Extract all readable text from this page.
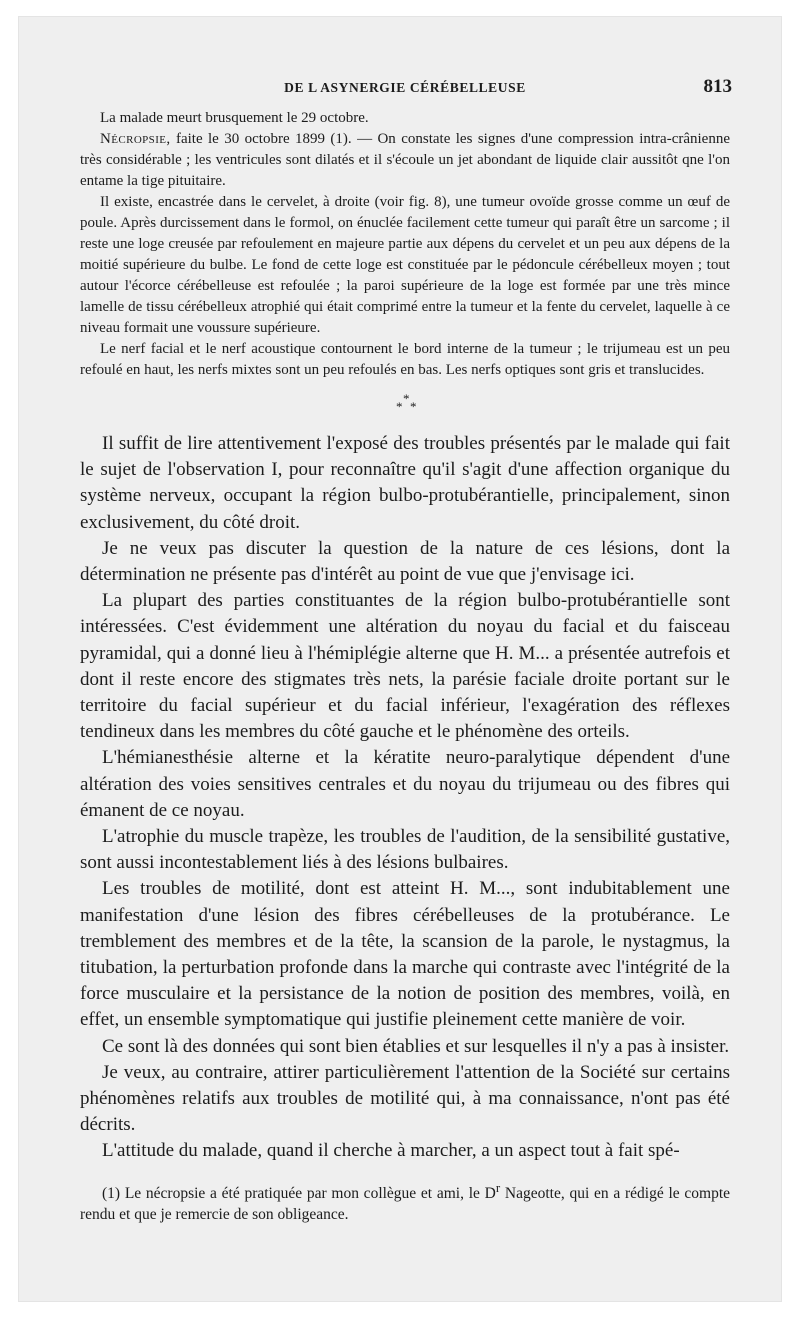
DE L ASYNERGIE CÉRÉBELLEUSE	813

La malade meurt brusquement le 29 octobre.

Nécropsie, faite le 30 octobre 1899 (1). — On constate les signes d'une compression intra-crânienne très considérable ; les ventricules sont dilatés et il s'écoule un jet abondant de liquide clair aussitôt qne l'on entame la tige pituitaire.

Il existe, encastrée dans le cervelet, à droite (voir fig. 8), une tumeur ovoïde grosse comme un œuf de poule. Après durcissement dans le formol, on énuclée facilement cette tumeur qui paraît être un sarcome ; il reste une loge creusée par refoulement en majeure partie aux dépens du cervelet et un peu aux dépens de la moitié supérieure du bulbe. Le fond de cette loge est constituée par le pédoncule cérébelleux moyen ; tout autour l'écorce cérébelleuse est refoulée ; la paroi supérieure de la loge est formée par une très mince lamelle de tissu cérébelleux atrophié qui était comprimé entre la tumeur et la fente du cervelet, laquelle à ce niveau formait une voussure supérieure.

Le nerf facial et le nerf acoustique contournent le bord interne de la tumeur ; le trijumeau est un peu refoulé en haut, les nerfs mixtes sont un peu refoulés en bas. Les nerfs optiques sont gris et translucides.

*
* *

Il suffit de lire attentivement l'exposé des troubles présentés par le malade qui fait le sujet de l'observation I, pour reconnaître qu'il s'agit d'une affection organique du système nerveux, occupant la région bulbo-protubérantielle, principalement, sinon exclusivement, du côté droit.

Je ne veux pas discuter la question de la nature de ces lésions, dont la détermination ne présente pas d'intérêt au point de vue que j'envisage ici.

La plupart des parties constituantes de la région bulbo-protubérantielle sont intéressées. C'est évidemment une altération du noyau du facial et du faisceau pyramidal, qui a donné lieu à l'hémiplégie alterne que H. M... a présentée autrefois et dont il reste encore des stigmates très nets, la parésie faciale droite portant sur le territoire du facial supérieur et du facial inférieur, l'exagération des réflexes tendineux dans les membres du côté gauche et le phénomène des orteils.

L'hémianesthésie alterne et la kératite neuro-paralytique dépendent d'une altération des voies sensitives centrales et du noyau du trijumeau ou des fibres qui émanent de ce noyau.

L'atrophie du muscle trapèze, les troubles de l'audition, de la sensibilité gustative, sont aussi incontestablement liés à des lésions bulbaires.

Les troubles de motilité, dont est atteint H. M..., sont indubitablement une manifestation d'une lésion des fibres cérébelleuses de la protubérance. Le tremblement des membres et de la tête, la scansion de la parole, le nystagmus, la titubation, la perturbation profonde dans la marche qui contraste avec l'intégrité de la force musculaire et la persistance de la notion de position des membres, voilà, en effet, un ensemble symptomatique qui justifie pleinement cette manière de voir.

Ce sont là des données qui sont bien établies et sur lesquelles il n'y a pas à insister.

Je veux, au contraire, attirer particulièrement l'attention de la Société sur certains phénomènes relatifs aux troubles de motilité qui, à ma connaissance, n'ont pas été décrits.

L'attitude du malade, quand il cherche à marcher, a un aspect tout à fait spé-

(1) Le nécropsie a été pratiquée par mon collègue et ami, le $D^r$ Nageotte, qui en a rédigé le compte rendu et que je remercie de son obligeance.
